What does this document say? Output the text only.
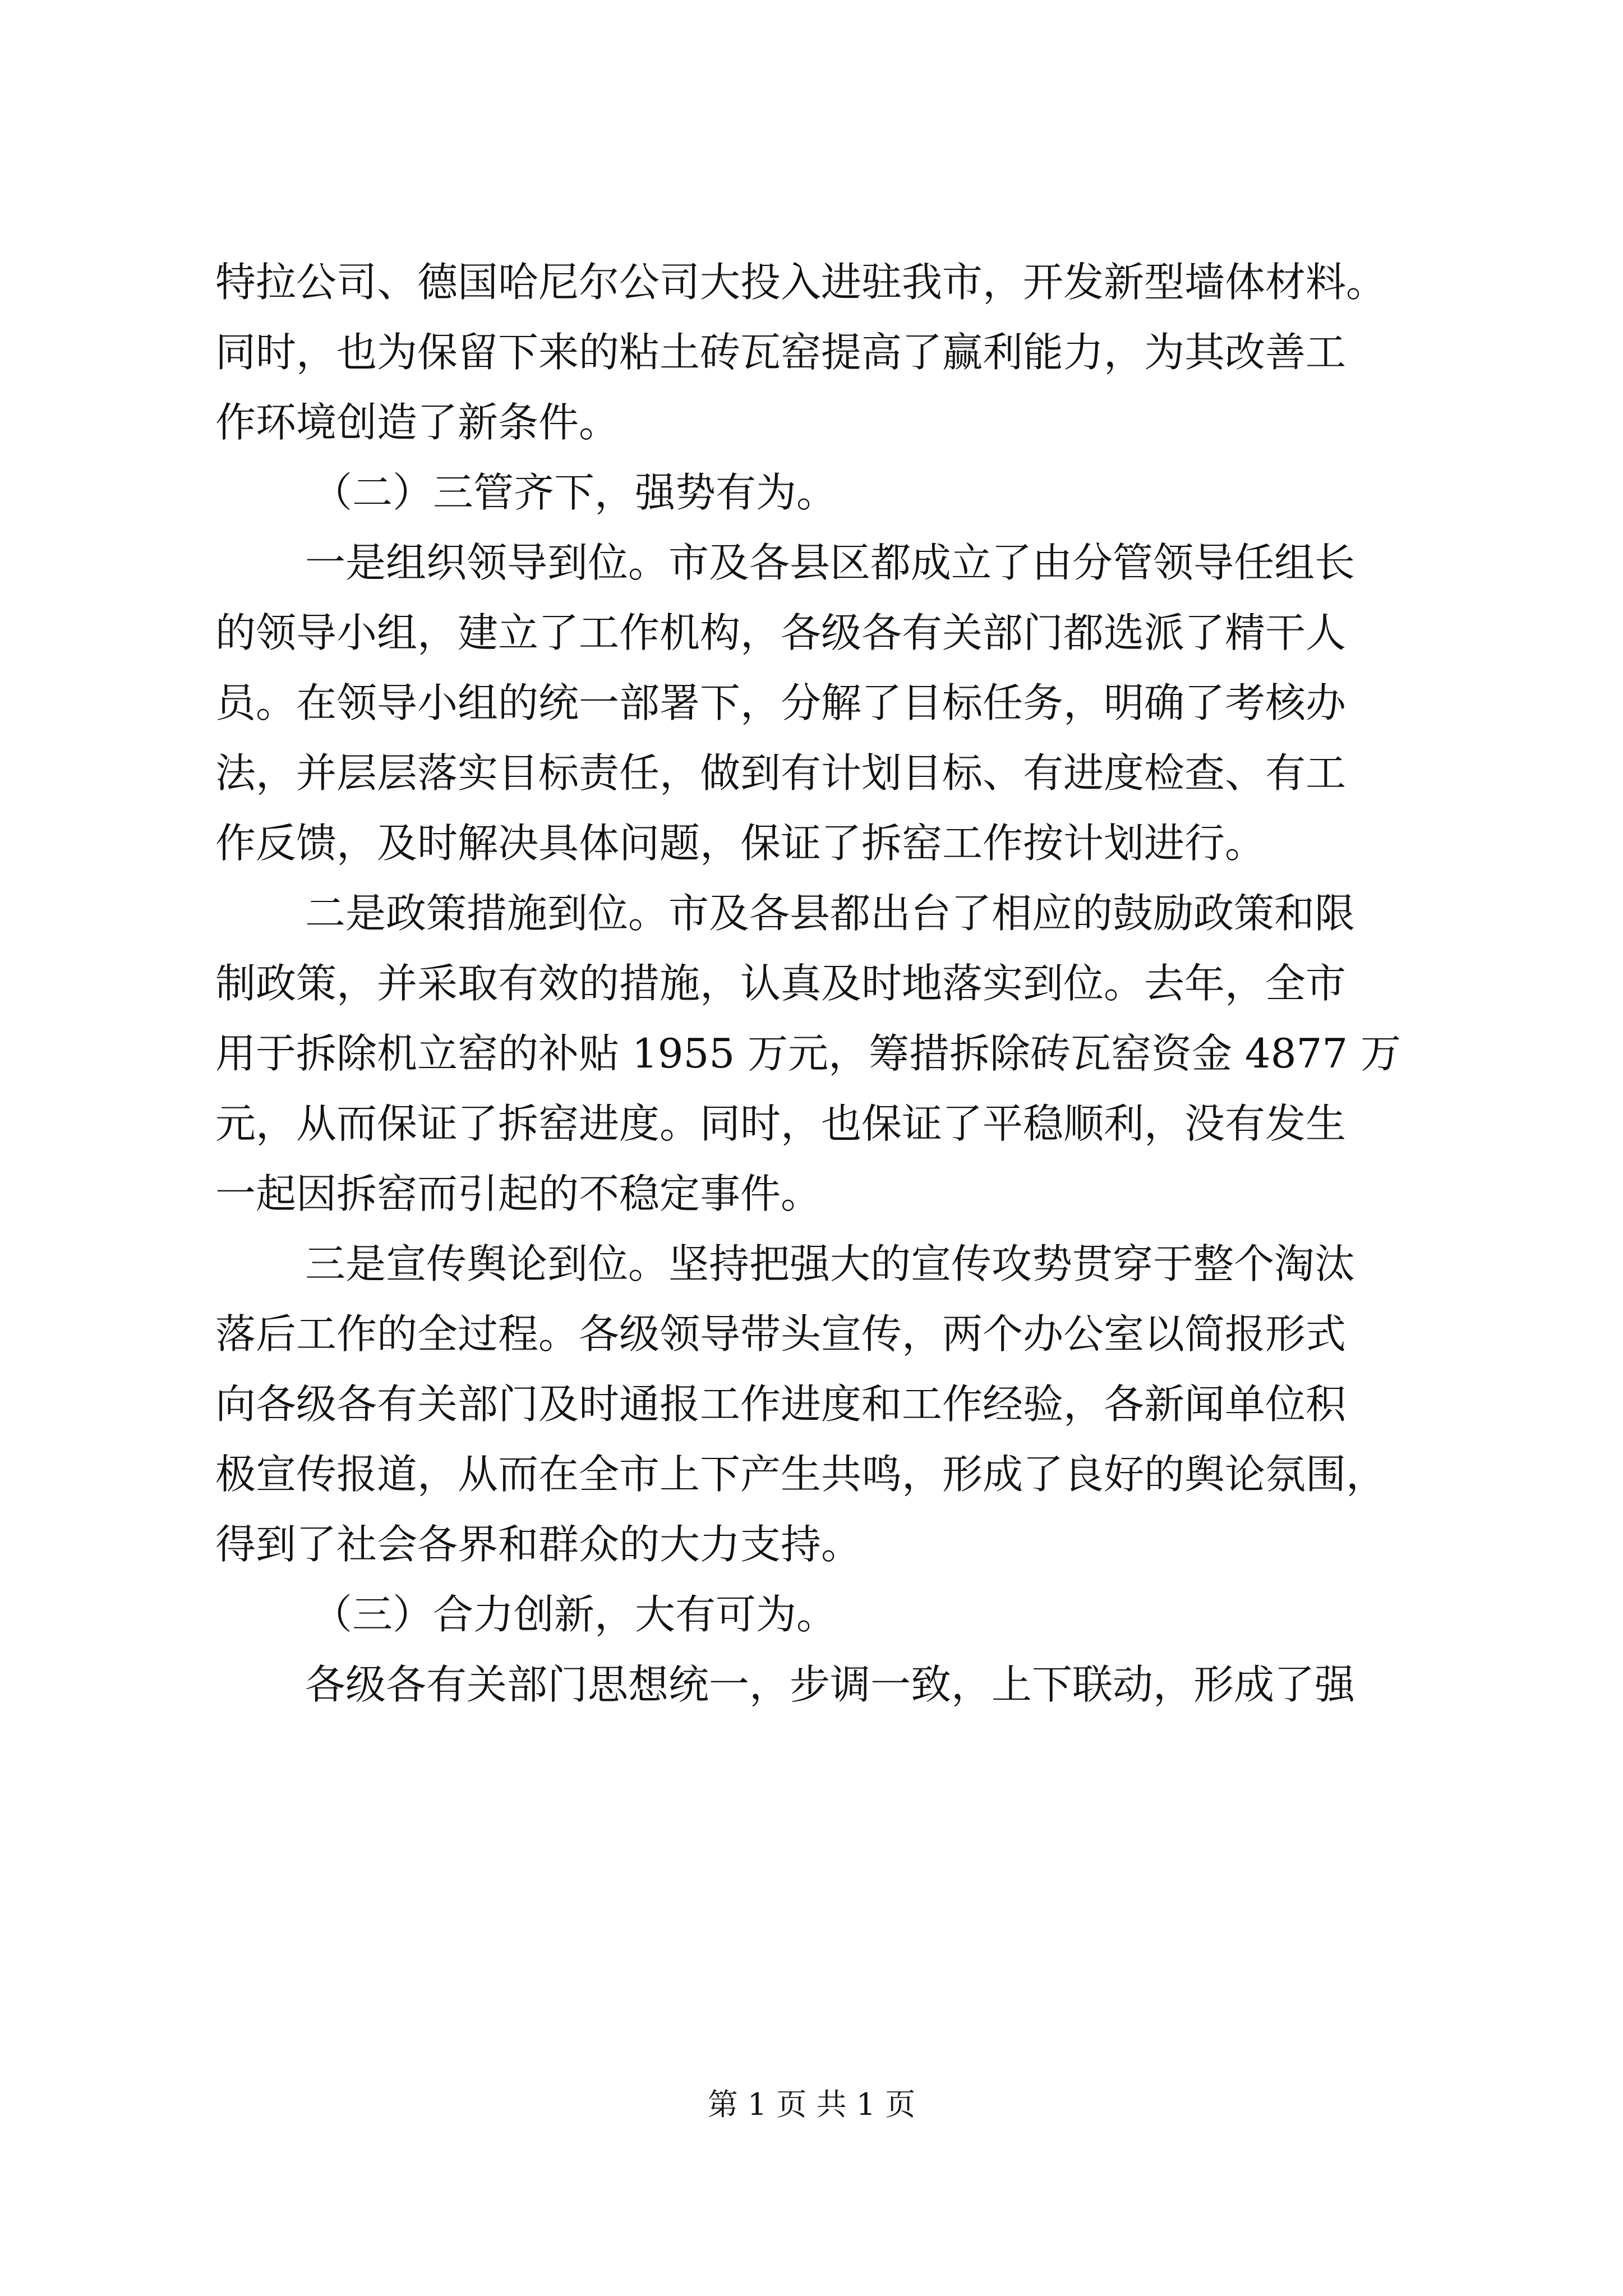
特拉公司、德国哈尼尔公司大投入进驻我市，开发新型墙体材料。
同时，也为保留下来的粘土砖瓦窑提高了赢利能力，为其改善工
作环境创造了新条件。
（二）三管齐下，强势有为。
一是组织领导到位。市及各县区都成立了由分管领导任组长
的领导小组，建立了工作机构，各级各有关部门都选派了精干人
员。在领导小组的统一部署下，分解了目标任务，明确了考核办
法，并层层落实目标责任，做到有计划目标、有进度检查、有工
作反馈，及时解决具体问题，保证了拆窑工作按计划进行。
二是政策措施到位。市及各县都出台了相应的鼓励政策和限
制政策，并采取有效的措施，认真及时地落实到位。去年，全市
用于拆除机立窑的补贴 1955 万元，筹措拆除砖瓦窑资金 4877 万
元，从而保证了拆窑进度。同时，也保证了平稳顺利，没有发生
一起因拆窑而引起的不稳定事件。
三是宣传舆论到位。坚持把强大的宣传攻势贯穿于整个淘汰
落后工作的全过程。各级领导带头宣传，两个办公室以简报形式
向各级各有关部门及时通报工作进度和工作经验，各新闻单位积
极宣传报道，从而在全市上下产生共鸣，形成了良好的舆论氛围，
得到了社会各界和群众的大力支持。
（三）合力创新，大有可为。
各级各有关部门思想统一，步调一致，上下联动，形成了强
第 1 页 共 1 页
